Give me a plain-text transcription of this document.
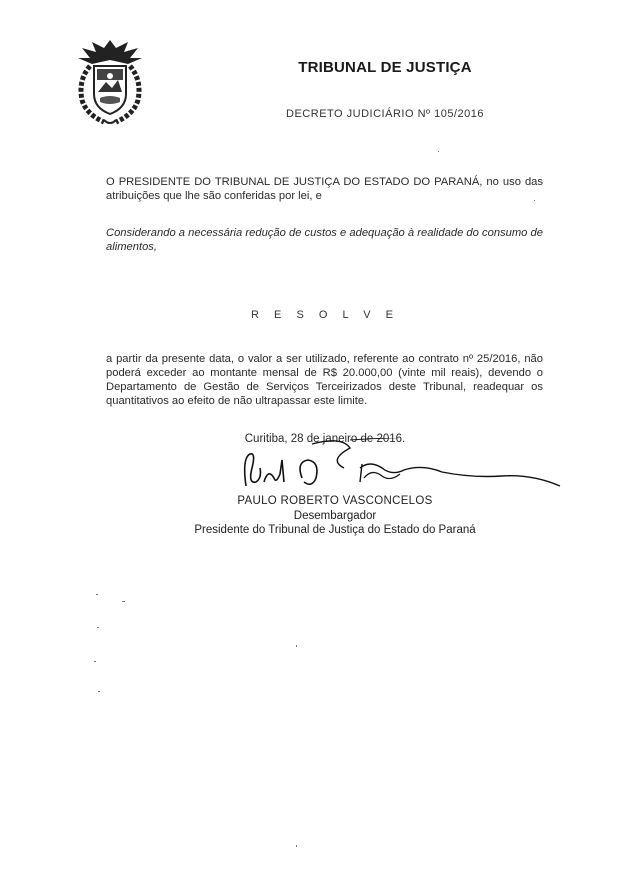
TRIBUNAL DE JUSTIÇA
DECRETO JUDICIÁRIO Nº 105/2016

O PRESIDENTE DO TRIBUNAL DE JUSTIÇA DO ESTADO DO PARANÁ, no uso das atribuições que lhe são conferidas por lei, e

Considerando a necessária redução de custos e adequação à realidade do consumo de alimentos,

R E S O L V E

a partir da presente data, o valor a ser utilizado, referente ao contrato nº 25/2016, não poderá exceder ao montante mensal de R$ 20.000,00 (vinte mil reais), devendo o Departamento de Gestão de Serviços Terceirizados deste Tribunal, readequar os quantitativos ao efeito de não ultrapassar este limite.

Curitiba, 28 de janeiro de 2016.
PAULO ROBERTO VASCONCELOS
Desembargador
Presidente do Tribunal de Justiça do Estado do Paraná
